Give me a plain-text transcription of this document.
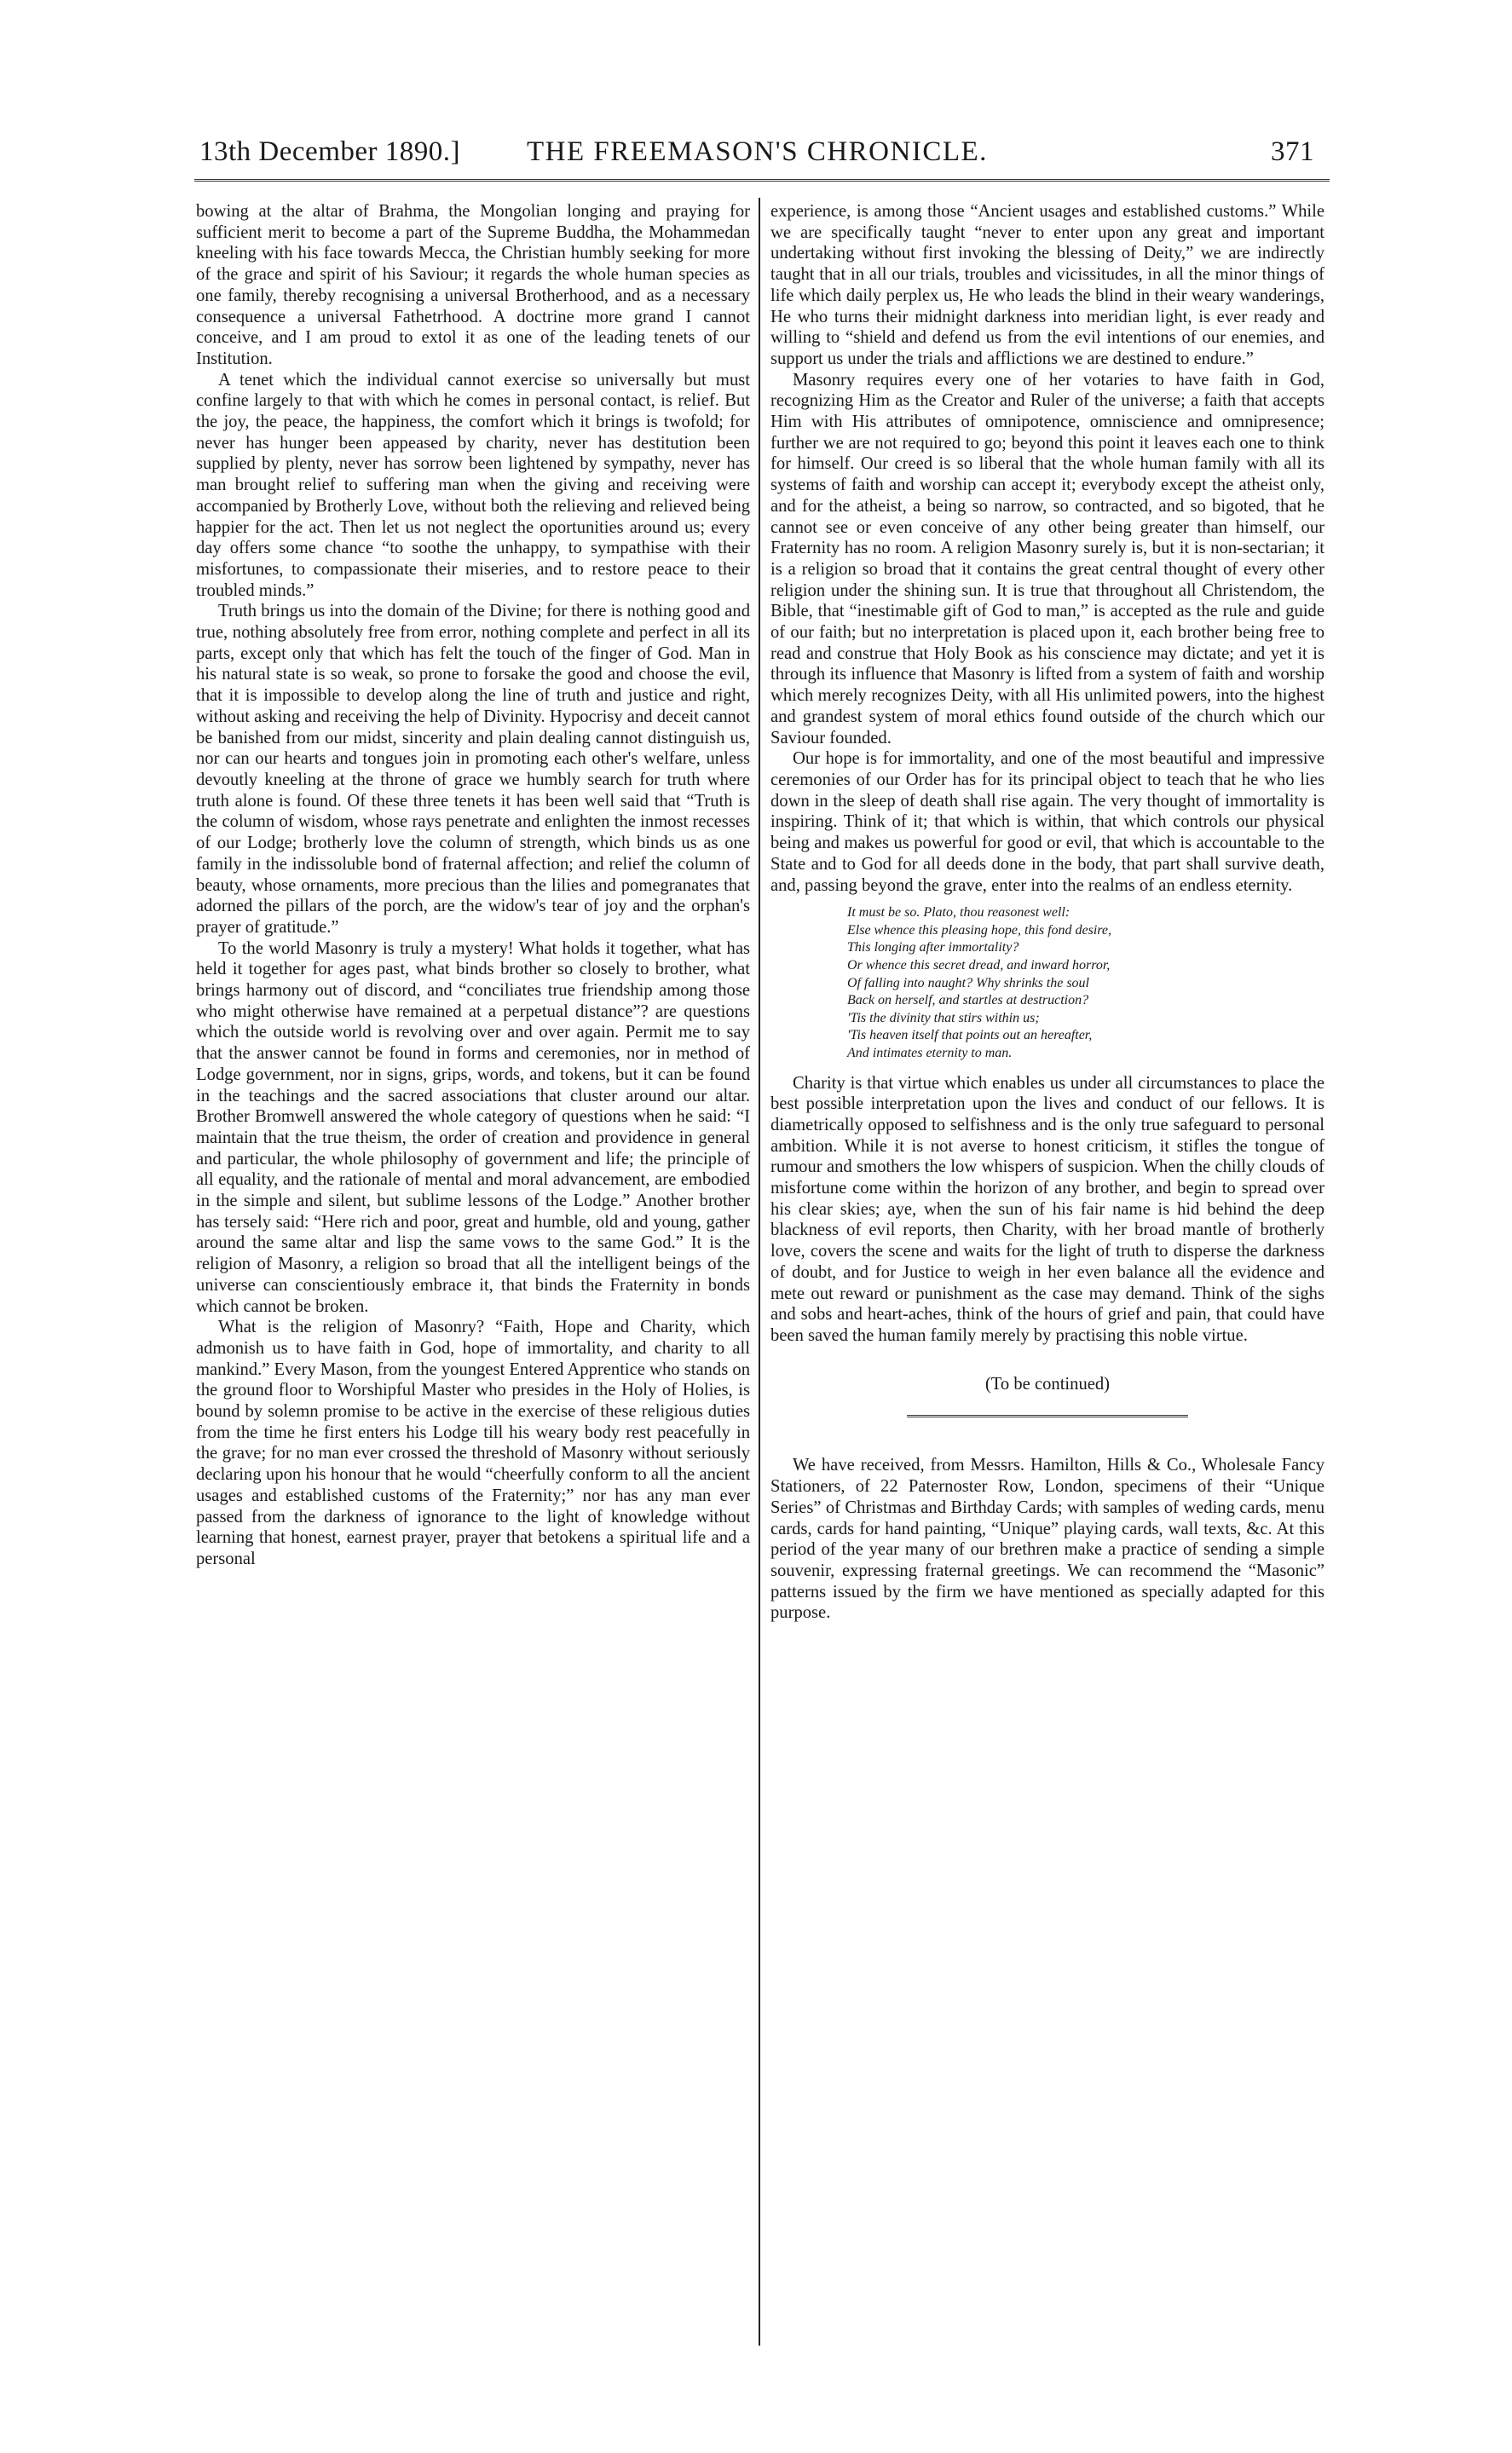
13th December 1890.] THE FREEMASON'S CHRONICLE.	371

bowing at the altar of Brahma, the Mongolian longing and praying for sufficient merit to become a part of the Supreme Buddha, the Mohammedan kneeling with his face towards Mecca, the Christian humbly seeking for more of the grace and spirit of his Saviour; it regards the whole human species as one family, thereby recognising a universal Brotherhood, and as a necessary consequence a universal Fathetrhood. A doctrine more grand I cannot conceive, and I am proud to extol it as one of the leading tenets of our Institution.

A tenet which the individual cannot exercise so universally but must confine largely to that with which he comes in personal contact, is relief. But the joy, the peace, the happiness, the comfort which it brings is twofold; for never has hunger been appeased by charity, never has destitution been supplied by plenty, never has sorrow been lightened by sympathy, never has man brought relief to suffering man when the giving and receiving were accompanied by Brotherly Love, without both the relieving and relieved being happier for the act. Then let us not neglect the oportunities around us; every day offers some chance “to soothe the unhappy, to sympathise with their misfortunes, to compassionate their miseries, and to restore peace to their troubled minds.”

Truth brings us into the domain of the Divine; for there is nothing good and true, nothing absolutely free from error, nothing complete and perfect in all its parts, except only that which has felt the touch of the finger of God. Man in his natural state is so weak, so prone to forsake the good and choose the evil, that it is impossible to develop along the line of truth and justice and right, without asking and receiving the help of Divinity. Hypocrisy and deceit cannot be banished from our midst, sincerity and plain dealing cannot distinguish us, nor can our hearts and tongues join in promoting each other's welfare, unless devoutly kneeling at the throne of grace we humbly search for truth where truth alone is found. Of these three tenets it has been well said that “Truth is the column of wisdom, whose rays penetrate and enlighten the inmost recesses of our Lodge; brotherly love the column of strength, which binds us as one family in the indissoluble bond of fraternal affection; and relief the column of beauty, whose ornaments, more precious than the lilies and pomegranates that adorned the pillars of the porch, are the widow's tear of joy and the orphan's prayer of gratitude.”

To the world Masonry is truly a mystery! What holds it together, what has held it together for ages past, what binds brother so closely to brother, what brings harmony out of discord, and “conciliates true friendship among those who might otherwise have remained at a perpetual distance”? are questions which the outside world is revolving over and over again. Permit me to say that the answer cannot be found in forms and ceremonies, nor in method of Lodge government, nor in signs, grips, words, and tokens, but it can be found in the teachings and the sacred associations that cluster around our altar. Brother Bromwell answered the whole category of questions when he said: “I maintain that the true theism, the order of creation and providence in general and particular, the whole philosophy of government and life; the principle of all equality, and the rationale of mental and moral advancement, are embodied in the simple and silent, but sublime lessons of the Lodge.” Another brother has tersely said: “Here rich and poor, great and humble, old and young, gather around the same altar and lisp the same vows to the same God.” It is the religion of Masonry, a religion so broad that all the intelligent beings of the universe can conscientiously embrace it, that binds the Fraternity in bonds which cannot be broken.

What is the religion of Masonry? “Faith, Hope and Charity, which admonish us to have faith in God, hope of immortality, and charity to all mankind.” Every Mason, from the youngest Entered Apprentice who stands on the ground floor to Worshipful Master who presides in the Holy of Holies, is bound by solemn promise to be active in the exercise of these religious duties from the time he first enters his Lodge till his weary body rest peacefully in the grave; for no man ever crossed the threshold of Masonry without seriously declaring upon his honour that he would “cheerfully conform to all the ancient usages and established customs of the Fraternity;” nor has any man ever passed from the darkness of ignorance to the light of knowledge without learning that honest, earnest prayer, prayer that betokens a spiritual life and a personal

experience, is among those “Ancient usages and established customs.” While we are specifically taught “never to enter upon any great and important undertaking without first invoking the blessing of Deity,” we are indirectly taught that in all our trials, troubles and vicissitudes, in all the minor things of life which daily perplex us, He who leads the blind in their weary wanderings, He who turns their midnight darkness into meridian light, is ever ready and willing to “shield and defend us from the evil intentions of our enemies, and support us under the trials and afflictions we are destined to endure.”

Masonry requires every one of her votaries to have faith in God, recognizing Him as the Creator and Ruler of the universe; a faith that accepts Him with His attributes of omnipotence, omniscience and omnipresence; further we are not required to go; beyond this point it leaves each one to think for himself. Our creed is so liberal that the whole human family with all its systems of faith and worship can accept it; everybody except the atheist only, and for the atheist, a being so narrow, so contracted, and so bigoted, that he cannot see or even conceive of any other being greater than himself, our Fraternity has no room. A religion Masonry surely is, but it is non-sectarian; it is a religion so broad that it contains the great central thought of every other religion under the shining sun. It is true that throughout all Christendom, the Bible, that “inestimable gift of God to man,” is accepted as the rule and guide of our faith; but no interpretation is placed upon it, each brother being free to read and construe that Holy Book as his conscience may dictate; and yet it is through its influence that Masonry is lifted from a system of faith and worship which merely recognizes Deity, with all His unlimited powers, into the highest and grandest system of moral ethics found outside of the church which our Saviour founded.

Our hope is for immortality, and one of the most beautiful and impressive ceremonies of our Order has for its principal object to teach that he who lies down in the sleep of death shall rise again. The very thought of immortality is inspiring. Think of it; that which is within, that which controls our physical being and makes us powerful for good or evil, that which is accountable to the State and to God for all deeds done in the body, that part shall survive death, and, passing beyond the grave, enter into the realms of an endless eternity.

It must be so. Plato, thou reasonest well:
Else whence this pleasing hope, this fond desire,
This longing after immortality?
Or whence this secret dread, and inward horror,
Of falling into naught? Why shrinks the soul
Back on herself, and startles at destruction?
'Tis the divinity that stirs within us;
'Tis heaven itself that points out an hereafter,
And intimates eternity to man.

Charity is that virtue which enables us under all circumstances to place the best possible interpretation upon the lives and conduct of our fellows. It is diametrically opposed to selfishness and is the only true safeguard to personal ambition. While it is not averse to honest criticism, it stifles the tongue of rumour and smothers the low whispers of suspicion. When the chilly clouds of misfortune come within the horizon of any brother, and begin to spread over his clear skies; aye, when the sun of his fair name is hid behind the deep blackness of evil reports, then Charity, with her broad mantle of brotherly love, covers the scene and waits for the light of truth to disperse the darkness of doubt, and for Justice to weigh in her even balance all the evidence and mete out reward or punishment as the case may demand. Think of the sighs and sobs and heart-aches, think of the hours of grief and pain, that could have been saved the human family merely by practising this noble virtue.

(To be continued)

We have received, from Messrs. Hamilton, Hills & Co., Wholesale Fancy Stationers, of 22 Paternoster Row, London, specimens of their “Unique Series” of Christmas and Birthday Cards; with samples of weding cards, menu cards, cards for hand painting, “Unique” playing cards, wall texts, &c. At this period of the year many of our brethren make a practice of sending a simple souvenir, expressing fraternal greetings. We can recommend the “Masonic” patterns issued by the firm we have mentioned as specially adapted for this purpose.
